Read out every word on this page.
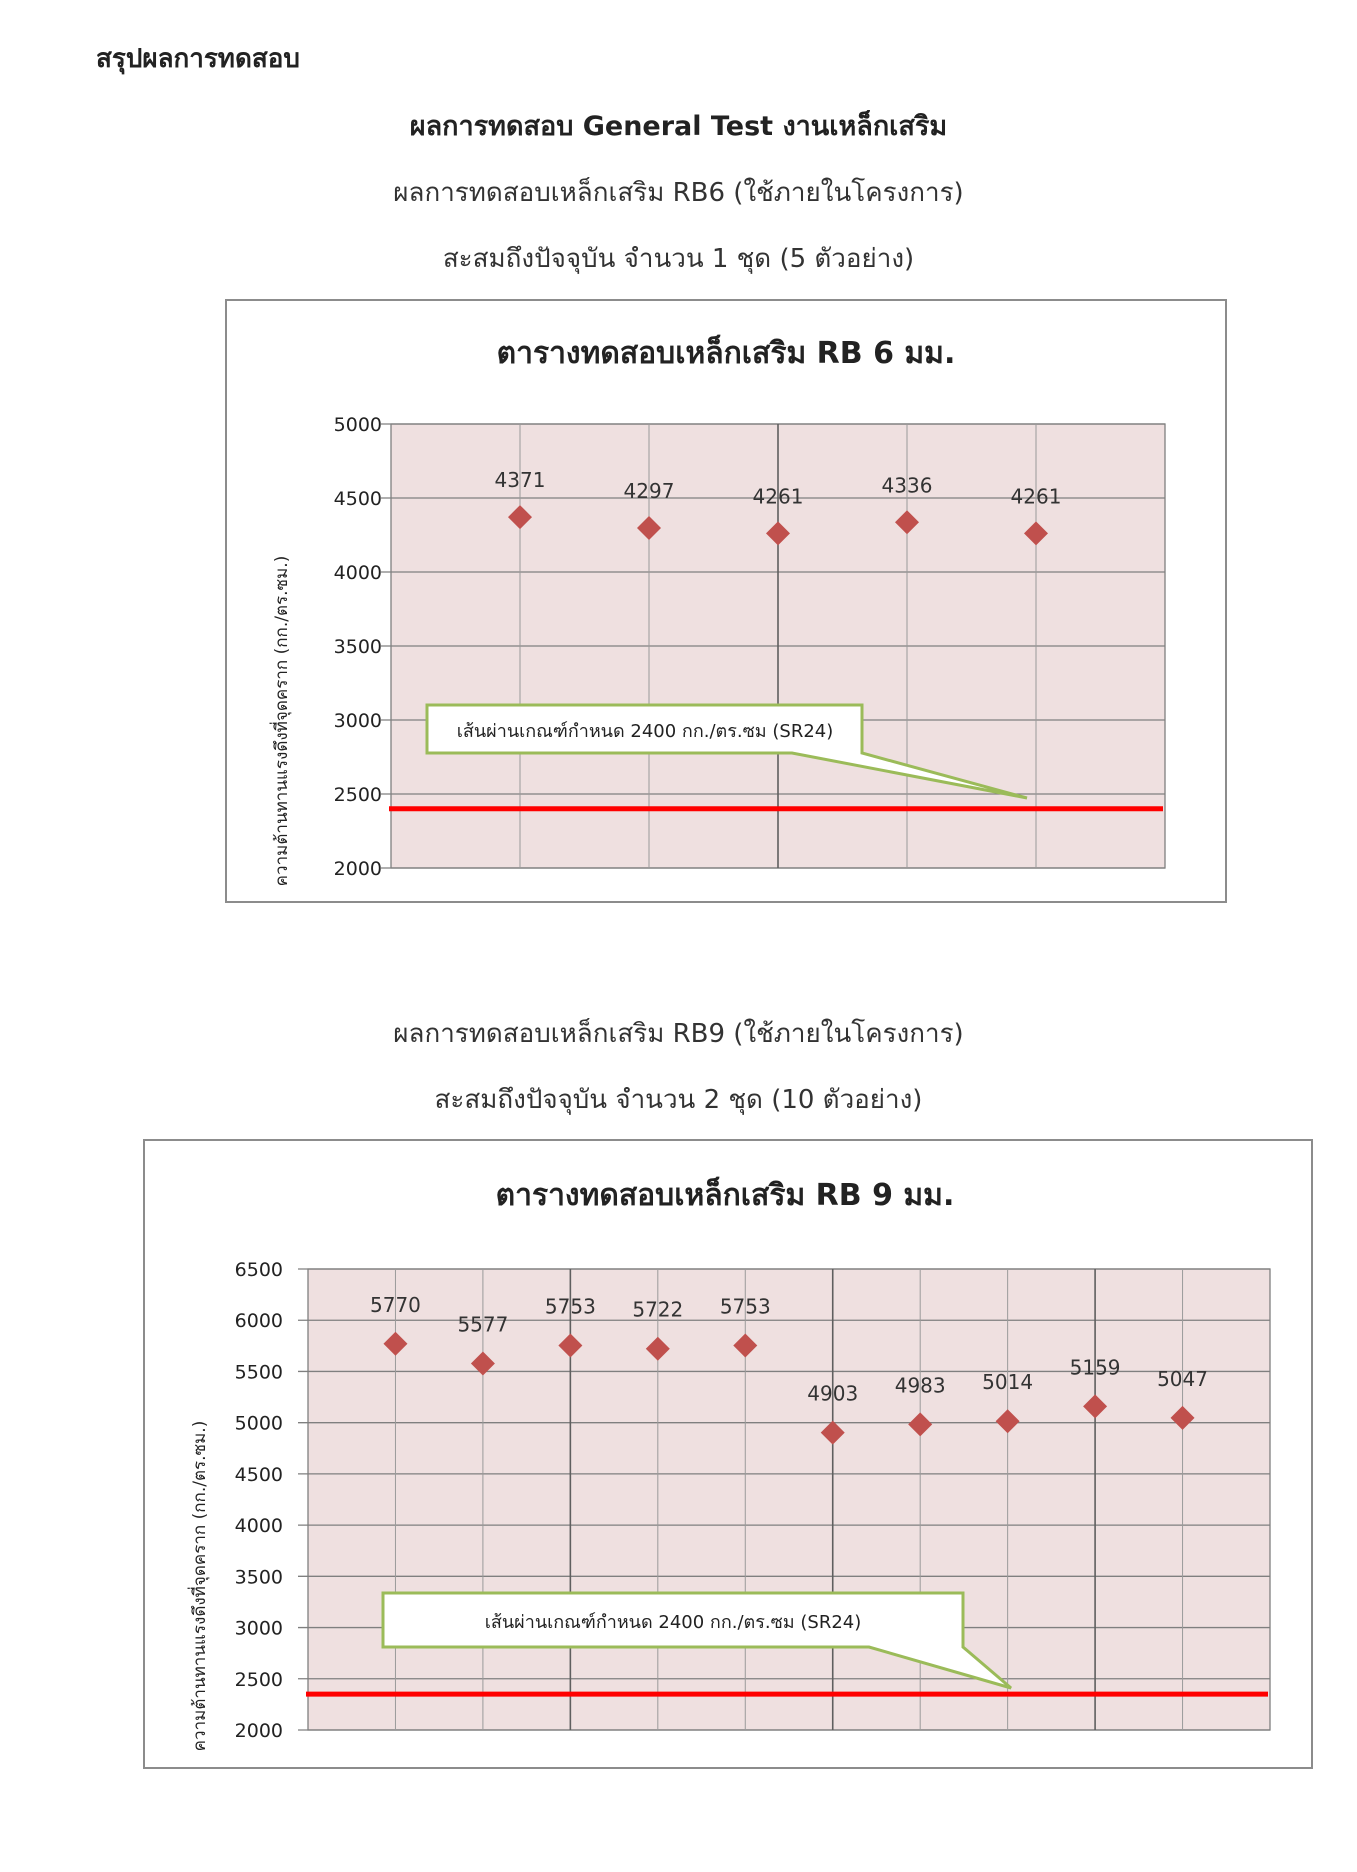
สรุปผลการทดสอบ
ผลการทดสอบ General Test งานเหล็กเสริม
ผลการทดสอบเหล็กเสริม RB6 (ใช้ภายในโครงการ)
สะสมถึงปัจจุบัน จำนวน 1 ชุด (5 ตัวอย่าง)
ตารางทดสอบเหล็กเสริม RB 6 มม.
2000
2500
3000
3500
4000
4500
5000
4371	4297	4261	4336	4261
ความต้านทานแรงดึงที่จุดคราก (กก./ตร.ซม.)	เส้นผ่านเกณฑ์กำหนด 2400 กก./ตร.ซม (SR24)
ผลการทดสอบเหล็กเสริม RB9 (ใช้ภายในโครงการ)
สะสมถึงปัจจุบัน จำนวน 2 ชุด (10 ตัวอย่าง)
ตารางทดสอบเหล็กเสริม RB 9 มม.
2000
2500
3000
3500
4000
4500
5000
5500
6000
6500
5770
5577
5753 5722 5753
4903 4983 5014
5159 5047
ความต้านทานแรงดึงที่จุดคราก (กก./ตร.ซม.)	เส้นผ่านเกณฑ์กำหนด 2400 กก./ตร.ซม (SR24)
